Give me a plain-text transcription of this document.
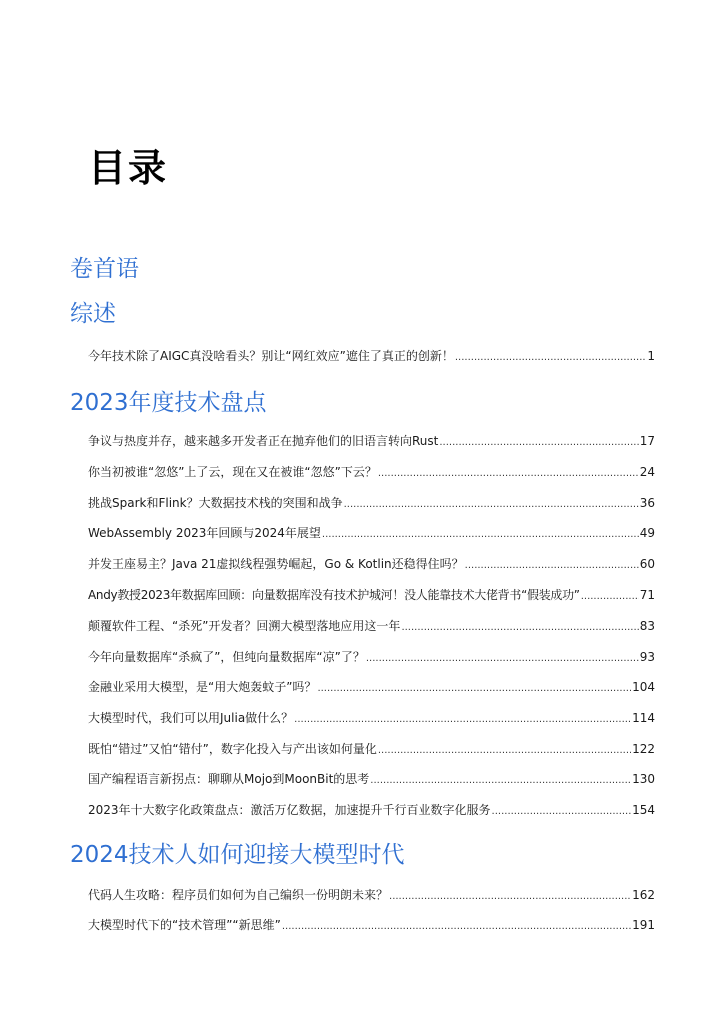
目录
卷首语
综述
今年技术除了AIGC真没啥看头？别让“网红效应”遮住了真正的创新！ .....	1
2023年度技术盘点
争议与热度并存，越来越多开发者正在抛弃他们的旧语言转向Rust .....	17
你当初被谁“忽悠”上了云，现在又在被谁“忽悠”下云？ .....	24
挑战Spark和Flink？大数据技术栈的突围和战争 .....	36
WebAssembly 2023年回顾与2024年展望 .....	49
并发王座易主？Java 21虚拟线程强势崛起，Go & Kotlin还稳得住吗？ .....	60
Andy教授2023年数据库回顾：向量数据库没有技术护城河！没人能靠技术大佬背书“假装成功” .....	71
颠覆软件工程、“杀死”开发者？回溯大模型落地应用这一年 .....	83
今年向量数据库“杀疯了”，但纯向量数据库“凉”了？ .....	93
金融业采用大模型，是“用大炮轰蚊子”吗？ .....	104
大模型时代，我们可以用Julia做什么？ .....	114
既怕“错过”又怕“错付”，数字化投入与产出该如何量化 .....	122
国产编程语言新拐点：聊聊从Mojo到MoonBit的思考 .....	130
2023年十大数字化政策盘点：激活万亿数据，加速提升千行百业数字化服务 .....	154
2024技术人如何迎接大模型时代
代码人生攻略：程序员们如何为自己编织一份明朗未来？ .....	162
大模型时代下的“技术管理”“新思维” .....	191
